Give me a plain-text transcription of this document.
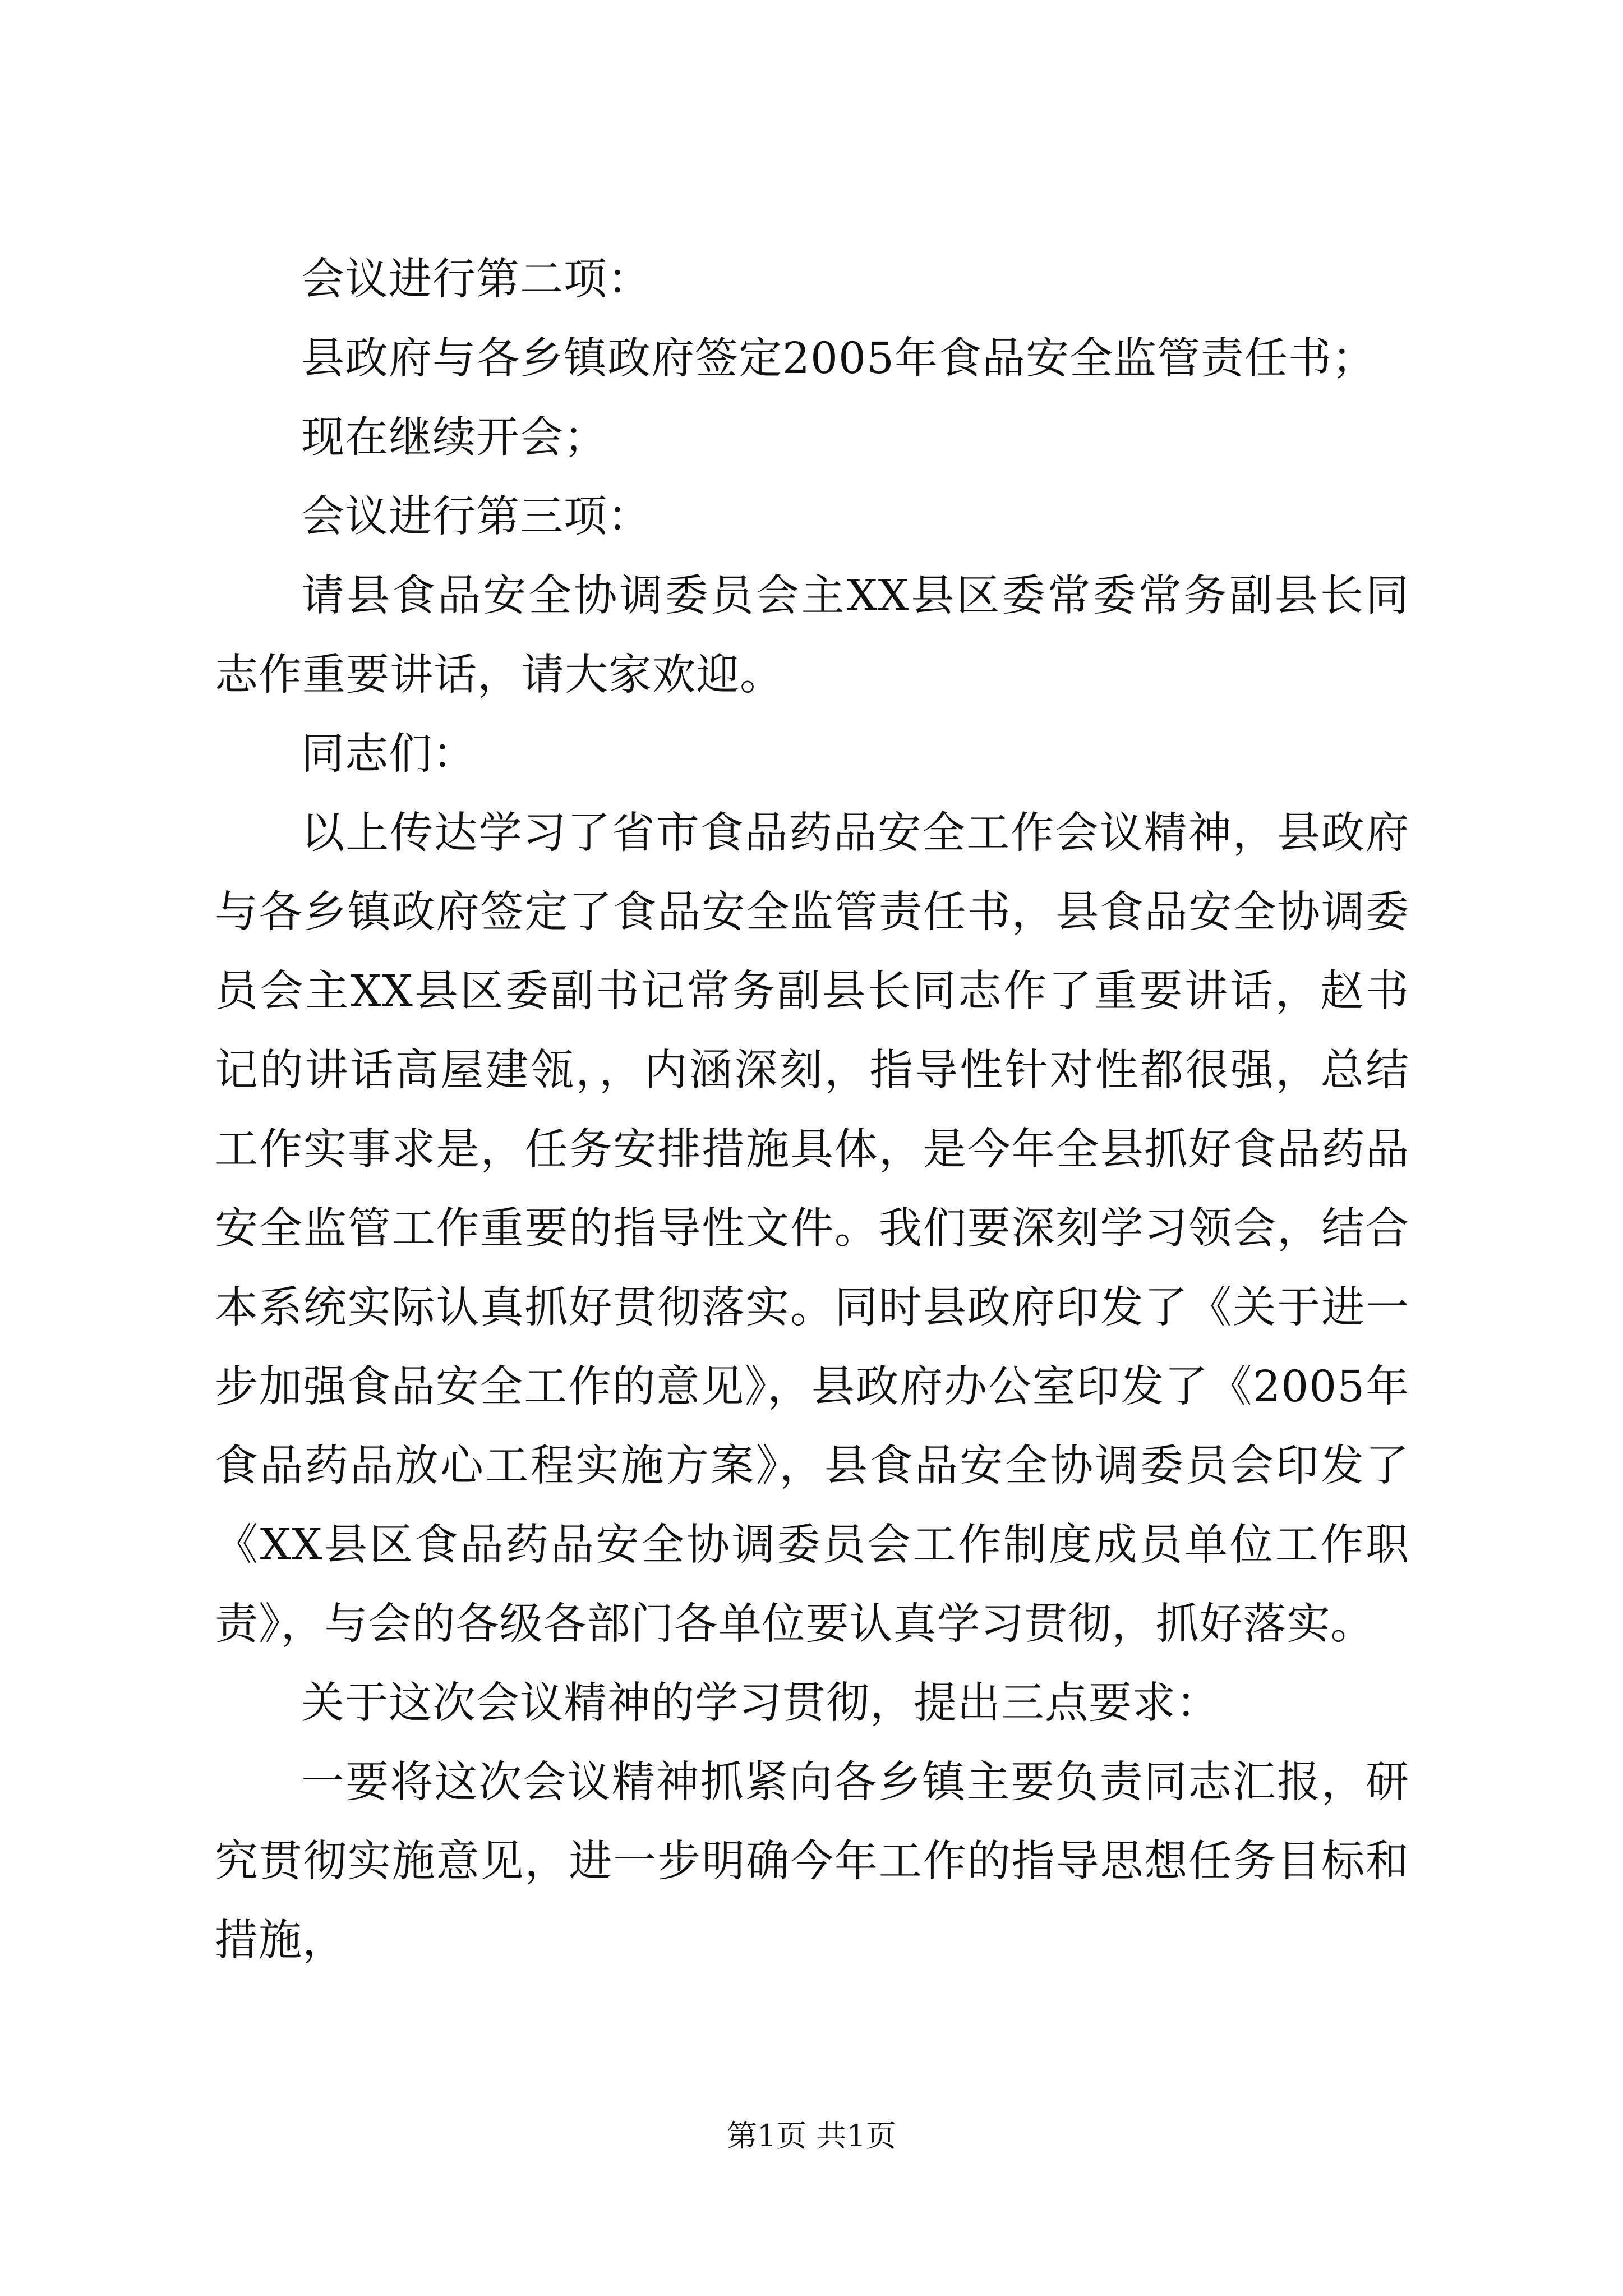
会议进行第二项：

县政府与各乡镇政府签定2005年食品安全监管责任书；

现在继续开会；

会议进行第三项：

请县食品安全协调委员会主XX县区委常委常务副县长同志作重要讲话，请大家欢迎。

同志们：

以上传达学习了省市食品药品安全工作会议精神，县政府与各乡镇政府签定了食品安全监管责任书，县食品安全协调委员会主XX县区委副书记常务副县长同志作了重要讲话，赵书记的讲话高屋建瓴，，内涵深刻，指导性针对性都很强，总结工作实事求是，任务安排措施具体，是今年全县抓好食品药品安全监管工作重要的指导性文件。我们要深刻学习领会，结合本系统实际认真抓好贯彻落实。同时县政府印发了《关于进一步加强食品安全工作的意见》，县政府办公室印发了《2005年食品药品放心工程实施方案》，县食品安全协调委员会印发了《XX县区食品药品安全协调委员会工作制度成员单位工作职责》，与会的各级各部门各单位要认真学习贯彻，抓好落实。

关于这次会议精神的学习贯彻，提出三点要求：

一要将这次会议精神抓紧向各乡镇主要负责同志汇报，研究贯彻实施意见，进一步明确今年工作的指导思想任务目标和措施，

第1页 共1页
